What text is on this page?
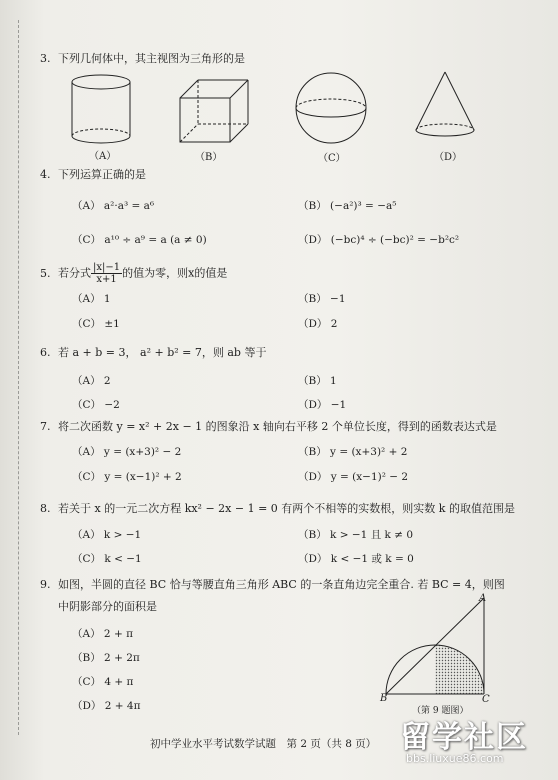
3. 下列几何体中，其主视图为三角形的是
（A）	（B）	（C）	（D）
4. 下列运算正确的是
（A） a²·a³ = a⁶	（B） (−a²)³ = −a⁵
（C） a¹⁰ ÷ a⁹ = a (a ≠ 0)	（D） (−bc)⁴ ÷ (−bc)² = −b²c²
5. 若分式 $\frac{|x|-1}{x+1}$ 的值为零，则x的值是
（A） 1	（B） −1
（C） ±1	（D） 2
6. 若 a + b = 3， a² + b² = 7，则 ab 等于
（A） 2	（B） 1
（C） −2	（D） −1
7. 将二次函数 y = x² + 2x − 1 的图象沿 x 轴向右平移 2 个单位长度，得到的函数表达式是
（A） y = (x+3)² − 2	（B） y = (x+3)² + 2
（C） y = (x−1)² + 2	（D） y = (x−1)² − 2
8. 若关于 x 的一元二次方程 kx² − 2x − 1 = 0 有两个不相等的实数根，则实数 k 的取值范围是
（A） k > −1	（B） k > −1 且 k ≠ 0
（C） k < −1	（D） k < −1 或 k = 0
9. 如图，半圆的直径 BC 恰与等腰直角三角形 ABC 的一条直角边完全重合. 若 BC = 4，则图
中阴影部分的面积是
（A） 2 + π
（B） 2 + 2π
（C） 4 + π
（D） 2 + 4π
A
B	C
（第 9 题图）
初中学业水平考试数学试题　第 2 页（共 8 页） 留学社区
bbs.liuxue86.com
